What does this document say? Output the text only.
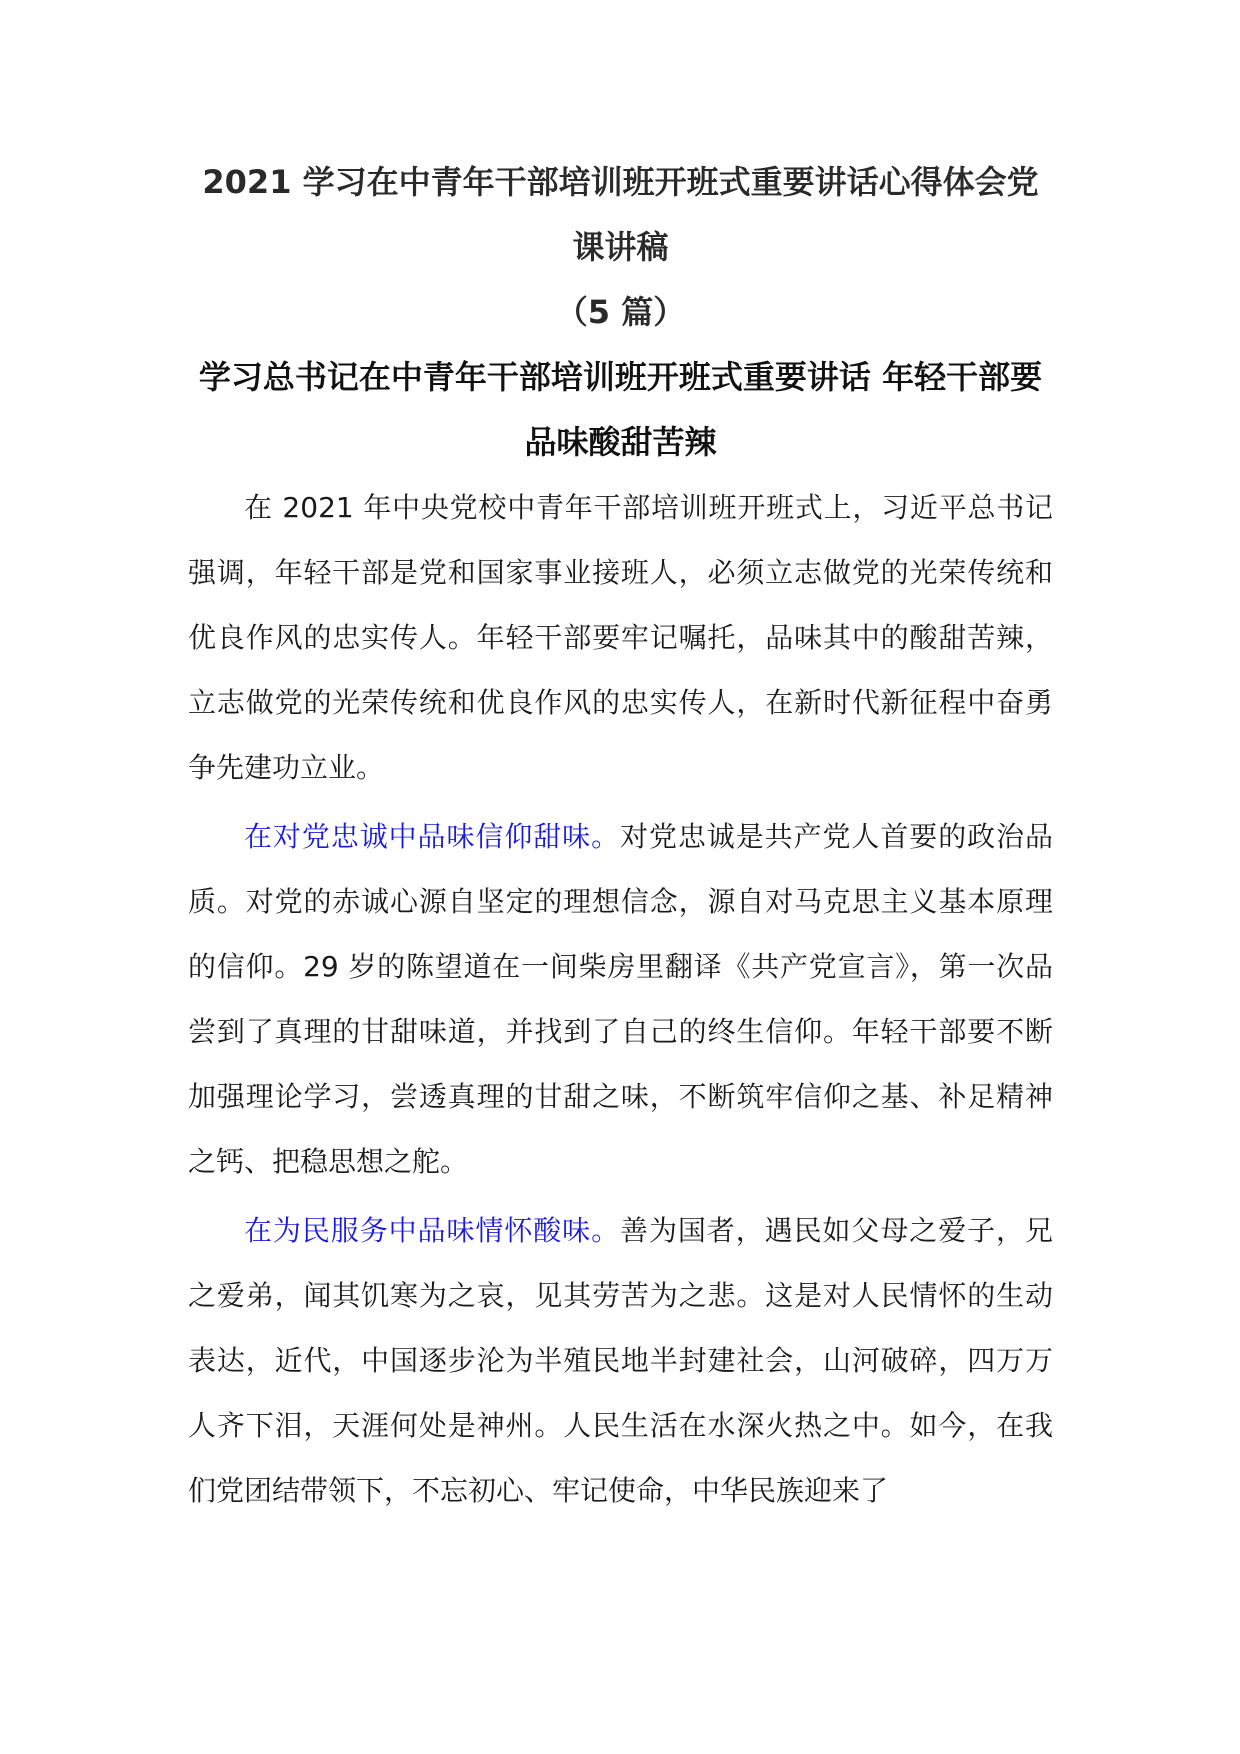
2021 学习在中青年干部培训班开班式重要讲话心得体会党课讲稿
（5 篇）
学习总书记在中青年干部培训班开班式重要讲话 年轻干部要品味酸甜苦辣

在 2021 年中央党校中青年干部培训班开班式上，习近平总书记强调，年轻干部是党和国家事业接班人，必须立志做党的光荣传统和优良作风的忠实传人。年轻干部要牢记嘱托，品味其中的酸甜苦辣，立志做党的光荣传统和优良作风的忠实传人，在新时代新征程中奋勇争先建功立业。

在对党忠诚中品味信仰甜味。对党忠诚是共产党人首要的政治品质。对党的赤诚心源自坚定的理想信念，源自对马克思主义基本原理的信仰。29 岁的陈望道在一间柴房里翻译《共产党宣言》，第一次品尝到了真理的甘甜味道，并找到了自己的终生信仰。年轻干部要不断加强理论学习，尝透真理的甘甜之味，不断筑牢信仰之基、补足精神之钙、把稳思想之舵。

在为民服务中品味情怀酸味。善为国者，遇民如父母之爱子，兄之爱弟，闻其饥寒为之哀，见其劳苦为之悲。这是对人民情怀的生动表达，近代，中国逐步沦为半殖民地半封建社会，山河破碎，四万万人齐下泪，天涯何处是神州。人民生活在水深火热之中。如今，在我们党团结带领下，不忘初心、牢记使命，中华民族迎来了
